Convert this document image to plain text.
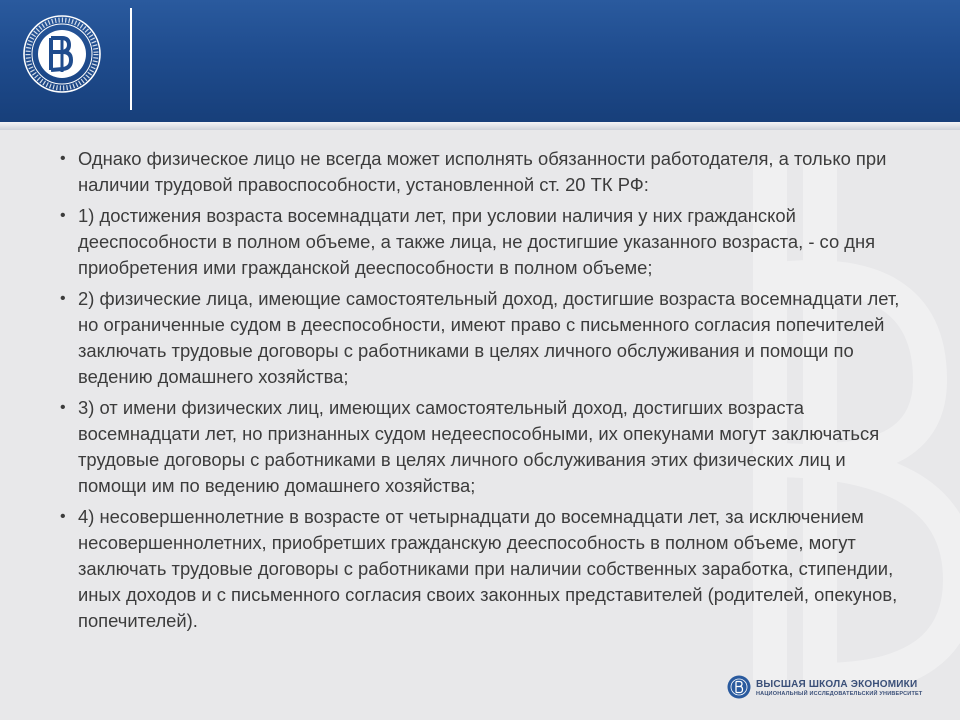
• Однако физическое лицо не всегда может исполнять обязанности работодателя, а только при наличии трудовой правоспособности, установленной ст. 20 ТК РФ:
• 1) достижения возраста восемнадцати лет, при условии наличия у них гражданской дееспособности в полном объеме, а также лица, не достигшие указанного возраста, - со дня приобретения ими гражданской дееспособности в полном объеме;
• 2) физические лица, имеющие самостоятельный доход, достигшие возраста восемнадцати лет, но ограниченные судом в дееспособности, имеют право с письменного согласия попечителей заключать трудовые договоры с работниками в целях личного обслуживания и помощи по ведению домашнего хозяйства;
• 3) от имени физических лиц, имеющих самостоятельный доход, достигших возраста восемнадцати лет, но признанных судом недееспособными, их опекунами могут заключаться трудовые договоры с работниками в целях личного обслуживания этих физических лиц и помощи им по ведению домашнего хозяйства;
• 4) несовершеннолетние в возрасте от четырнадцати до восемнадцати лет, за исключением несовершеннолетних, приобретших гражданскую дееспособность в полном объеме, могут заключать трудовые договоры с работниками при наличии собственных заработка, стипендии, иных доходов и с письменного согласия своих законных представителей (родителей, опекунов, попечителей).
ВЫСШАЯ ШКОЛА ЭКОНОМИКИ
НАЦИОНАЛЬНЫЙ ИССЛЕДОВАТЕЛЬСКИЙ УНИВЕРСИТЕТ
